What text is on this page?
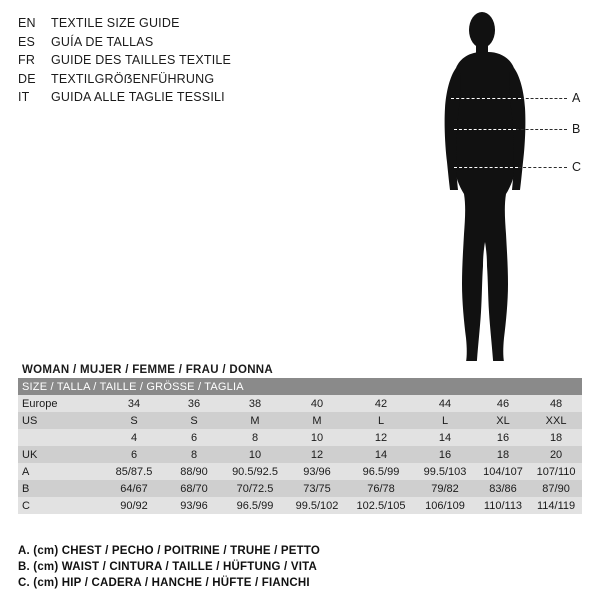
EN	TEXTILE SIZE GUIDE
ES	GUÍA DE TALLAS
FR	GUIDE DES TAILLES TEXTILE
DE	TEXTILGRÖẞENFÜHRUNG
IT	GUIDA ALLE TAGLIE TESSILI	A
B
C
WOMAN / MUJER / FEMME / FRAU / DONNA								
SIZE / TALLA / TAILLE / GRÖSSE / TAGLIA								
Europe	34	36	38	40	42	44	46	48
US	S	S	M	M	L	L	XL	XXL
	4	6	8	10	12	14	16	18
UK	6	8	10	12	14	16	18	20
A	85/87.5	88/90	90.5/92.5	93/96	96.5/99	99.5/103	104/107	107/110
B	64/67	68/70	70/72.5	73/75	76/78	79/82	83/86	87/90
C	90/92	93/96	96.5/99	99.5/102	102.5/105	106/109	110/113	114/119
A. (cm) CHEST / PECHO / POITRINE / TRUHE / PETTO
B. (cm) WAIST / CINTURA / TAILLE / HÜFTUNG / VITA
C. (cm) HIP / CADERA / HANCHE / HÜFTE / FIANCHI
